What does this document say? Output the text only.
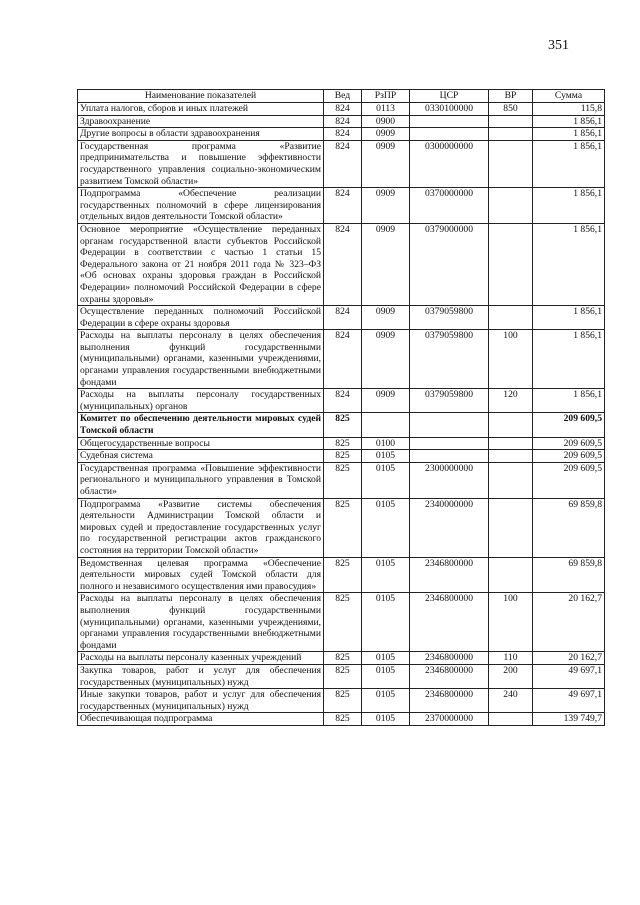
351
Наименование показателей	Вед	РзПР	ЦСР	ВР	Сумма
Уплата налогов, сборов и иных платежей	824	0113	0330100000	850	115,8
Здравоохранение	824	0900			1 856,1
Другие вопросы в области здравоохранения	824	0909			1 856,1
Государственная программа «Развитие предпринимательства и повышение эффективности государственного управления социально-экономическим развитием Томской области»	824	0909	0300000000		1 856,1
Подпрограмма «Обеспечение реализации государственных полномочий в сфере лицензирования отдельных видов деятельности Томской области»	824	0909	0370000000		1 856,1
Основное мероприятие «Осуществление переданных органам государственной власти субъектов Российской Федерации в соответствии с частью 1 статьи 15 Федерального закона от 21 ноября 2011 года № 323–ФЗ «Об основах охраны здоровья граждан в Российской Федерации» полномочий Российской Федерации в сфере охраны здоровья»	824	0909	0379000000		1 856,1
Осуществление переданных полномочий Российской Федерации в сфере охраны здоровья	824	0909	0379059800		1 856,1
Расходы на выплаты персоналу в целях обеспечения выполнения функций государственными (муниципальными) органами, казенными учреждениями, органами управления государственными внебюджетными фондами	824	0909	0379059800	100	1 856,1
Расходы на выплаты персоналу государственных (муниципальных) органов	824	0909	0379059800	120	1 856,1
Комитет по обеспечению деятельности мировых судей Томской области	825				209 609,5
Общегосударственные вопросы	825	0100			209 609,5
Судебная система	825	0105			209 609,5
Государственная программа «Повышение эффективности регионального и муниципального управления в Томской области»	825	0105	2300000000		209 609,5
Подпрограмма «Развитие системы обеспечения деятельности Администрации Томской области и мировых судей и предоставление государственных услуг по государственной регистрации актов гражданского состояния на территории Томской области»	825	0105	2340000000		69 859,8
Ведомственная целевая программа «Обеспечение деятельности мировых судей Томской области для полного и независимого осуществления ими правосудия»	825	0105	2346800000		69 859,8
Расходы на выплаты персоналу в целях обеспечения выполнения функций государственными (муниципальными) органами, казенными учреждениями, органами управления государственными внебюджетными фондами	825	0105	2346800000	100	20 162,7
Расходы на выплаты персоналу казенных учреждений	825	0105	2346800000	110	20 162,7
Закупка товаров, работ и услуг для обеспечения государственных (муниципальных) нужд	825	0105	2346800000	200	49 697,1
Иные закупки товаров, работ и услуг для обеспечения государственных (муниципальных) нужд	825	0105	2346800000	240	49 697,1
Обеспечивающая подпрограмма	825	0105	2370000000		139 749,7
